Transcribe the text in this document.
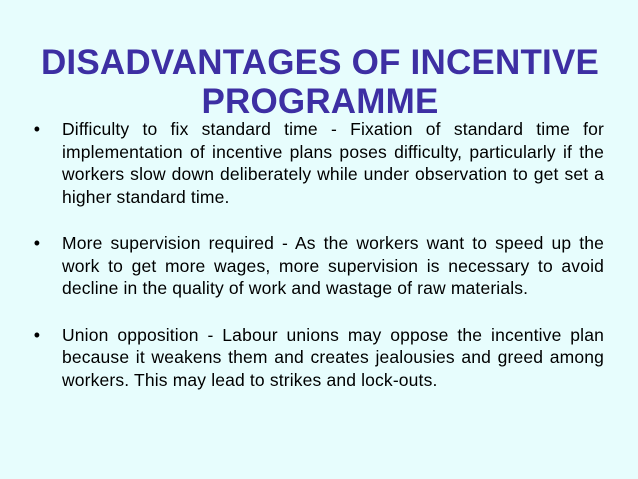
DISADVANTAGES OF INCENTIVE
PROGRAMME
• Difficulty to fix standard time - Fixation of standard time for implementation of incentive plans poses difficulty, particularly if the workers slow down deliberately while under observation to get set a higher standard time.
• More supervision required - As the workers want to speed up the work to get more wages, more supervision is necessary to avoid decline in the quality of work and wastage of raw materials.
• Union opposition - Labour unions may oppose the incentive plan because it weakens them and creates jealousies and greed among workers. This may lead to strikes and lock-outs.
